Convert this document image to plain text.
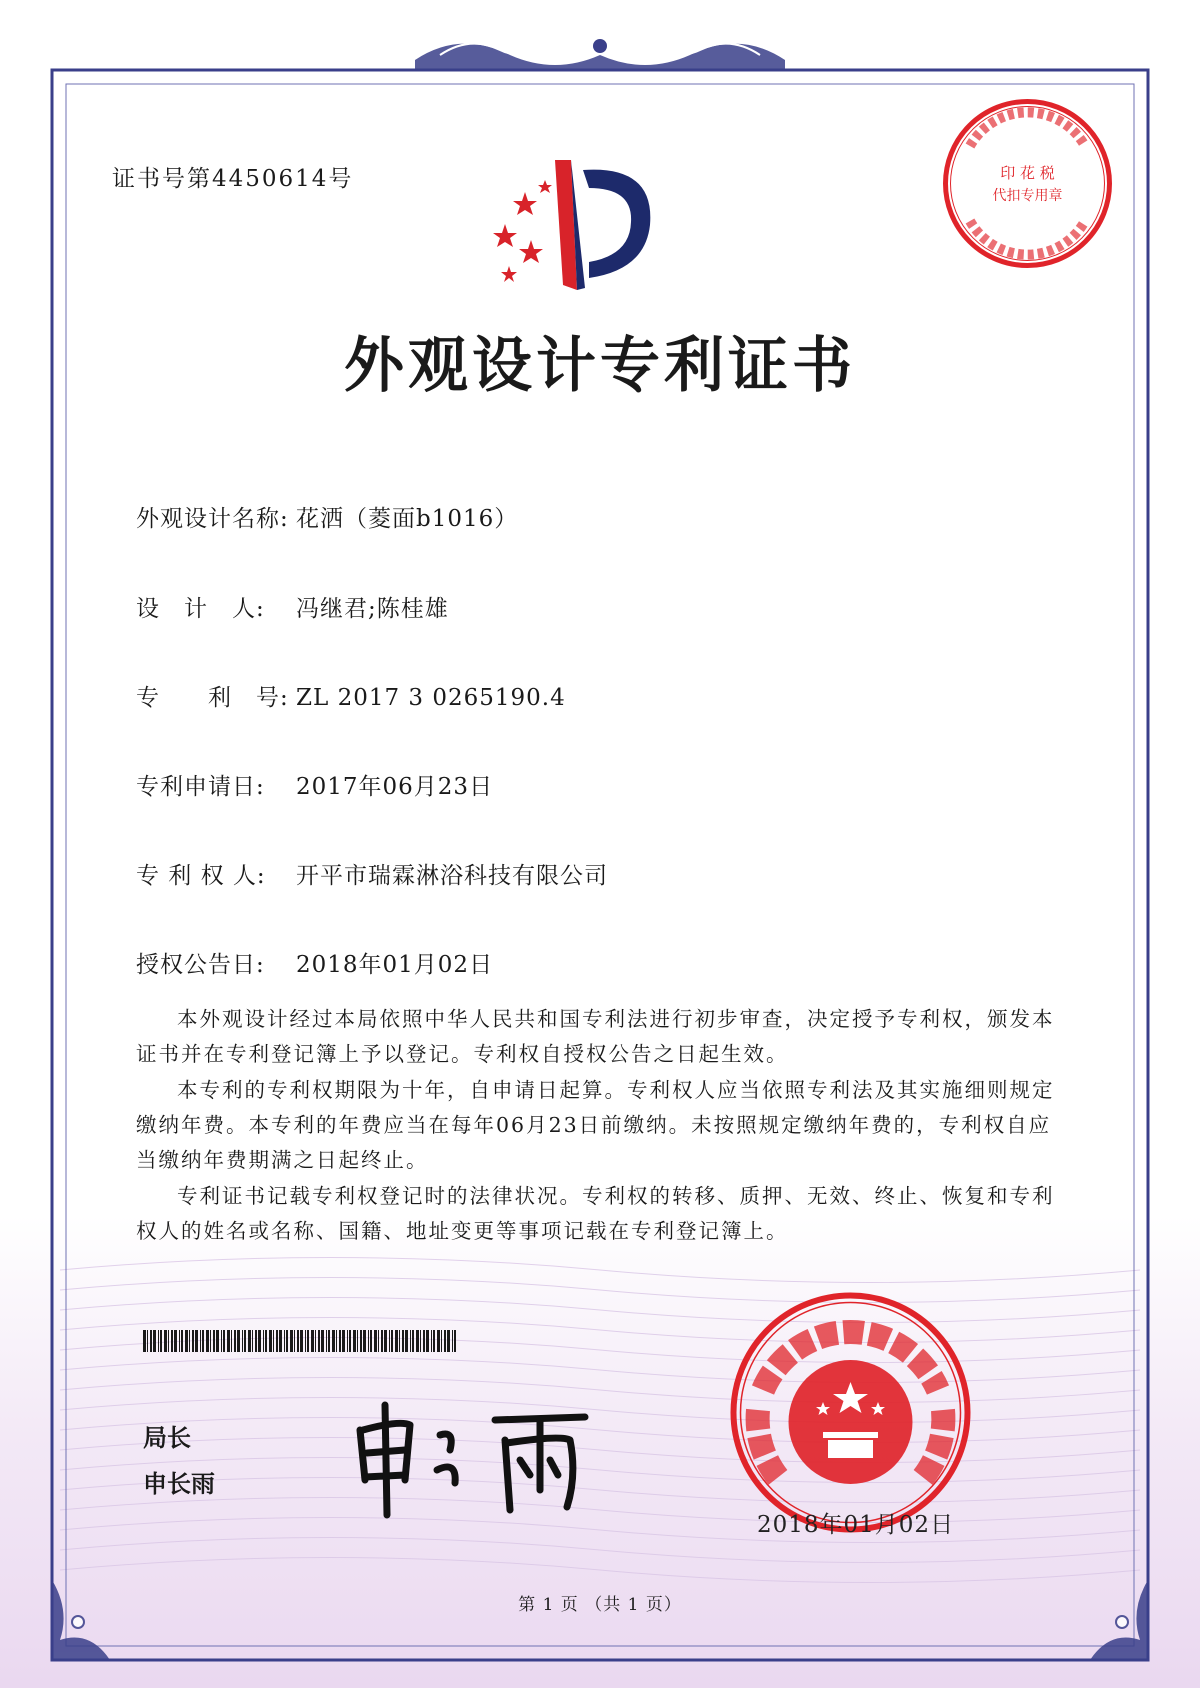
印 花 税
代扣专用章
证书号第4450614号
外观设计专利证书
外观设计名称: 花洒（菱面b1016）
设　计　人: 冯继君;陈桂雄
专　　利　号: ZL 2017 3 0265190.4
专利申请日: 2017年06月23日
专 利 权 人: 开平市瑞霖淋浴科技有限公司
授权公告日: 2018年01月02日

本外观设计经过本局依照中华人民共和国专利法进行初步审查，决定授予专利权，颁发本证书并在专利登记簿上予以登记。专利权自授权公告之日起生效。

本专利的专利权期限为十年，自申请日起算。专利权人应当依照专利法及其实施细则规定缴纳年费。本专利的年费应当在每年06月23日前缴纳。未按照规定缴纳年费的，专利权自应当缴纳年费期满之日起终止。

专利证书记载专利权登记时的法律状况。专利权的转移、质押、无效、终止、恢复和专利权人的姓名或名称、国籍、地址变更等事项记载在专利登记簿上。

局长
申长雨
2018年01月02日
第 1 页 （共 1 页）
